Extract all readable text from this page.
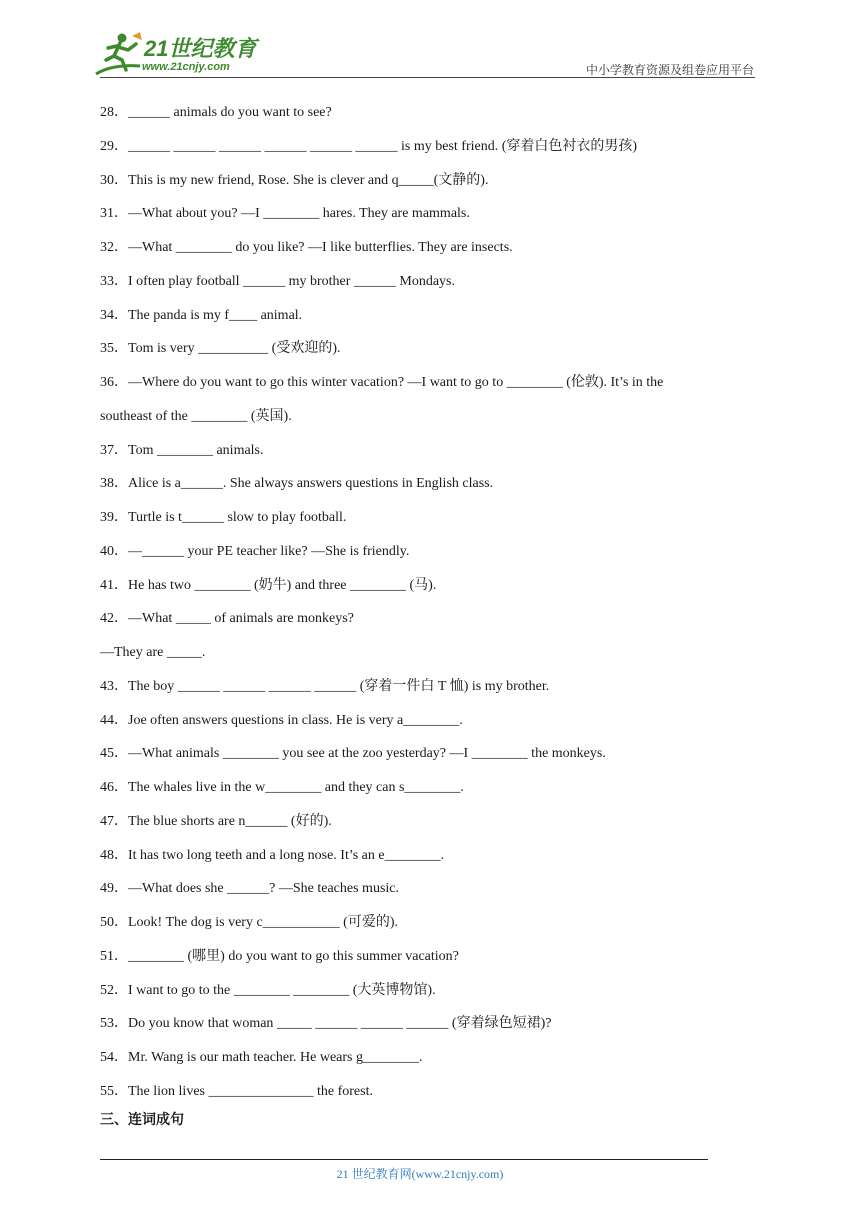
21世纪教育
www.21cnjy.com	中小学教育资源及组卷应用平台
28．______ animals do you want to see?
29．______ ______ ______ ______ ______ ______ is my best friend. (穿着白色衬衣的男孩)
30．This is my new friend, Rose. She is clever and q_____(文静的).
31．—What about you? —I ________ hares. They are mammals.
32．—What ________ do you like? —I like butterflies. They are insects.
33．I often play football ______ my brother ______ Mondays.
34．The panda is my f____ animal.
35．Tom is very __________ (受欢迎的).
36．—Where do you want to go this winter vacation? —I want to go to ________ (伦敦). It’s in the
southeast of the ________ (英国).
37．Tom ________ animals.
38．Alice is a______. She always answers questions in English class.
39．Turtle is t______ slow to play football.
40．—______ your PE teacher like? —She is friendly.
41．He has two ________ (奶牛) and three ________ (马).
42．—What _____ of animals are monkeys?
—They are _____.
43．The boy ______ ______ ______ ______ (穿着一件白 T 恤) is my brother.
44．Joe often answers questions in class. He is very a________.
45．—What animals ________ you see at the zoo yesterday? —I ________ the monkeys.
46．The whales live in the w________ and they can s________.
47．The blue shorts are n______ (好的).
48．It has two long teeth and a long nose. It’s an e________.
49．—What does she ______? —She teaches music.
50．Look! The dog is very c___________ (可爱的).
51．________ (哪里) do you want to go this summer vacation?
52．I want to go to the ________ ________ (大英博物馆).
53．Do you know that woman _____ ______ ______ ______ (穿着绿色短裙)?
54．Mr. Wang is our math teacher. He wears g________.
55．The lion lives _______________ the forest.
三、连词成句
21 世纪教育网(www.21cnjy.com)
